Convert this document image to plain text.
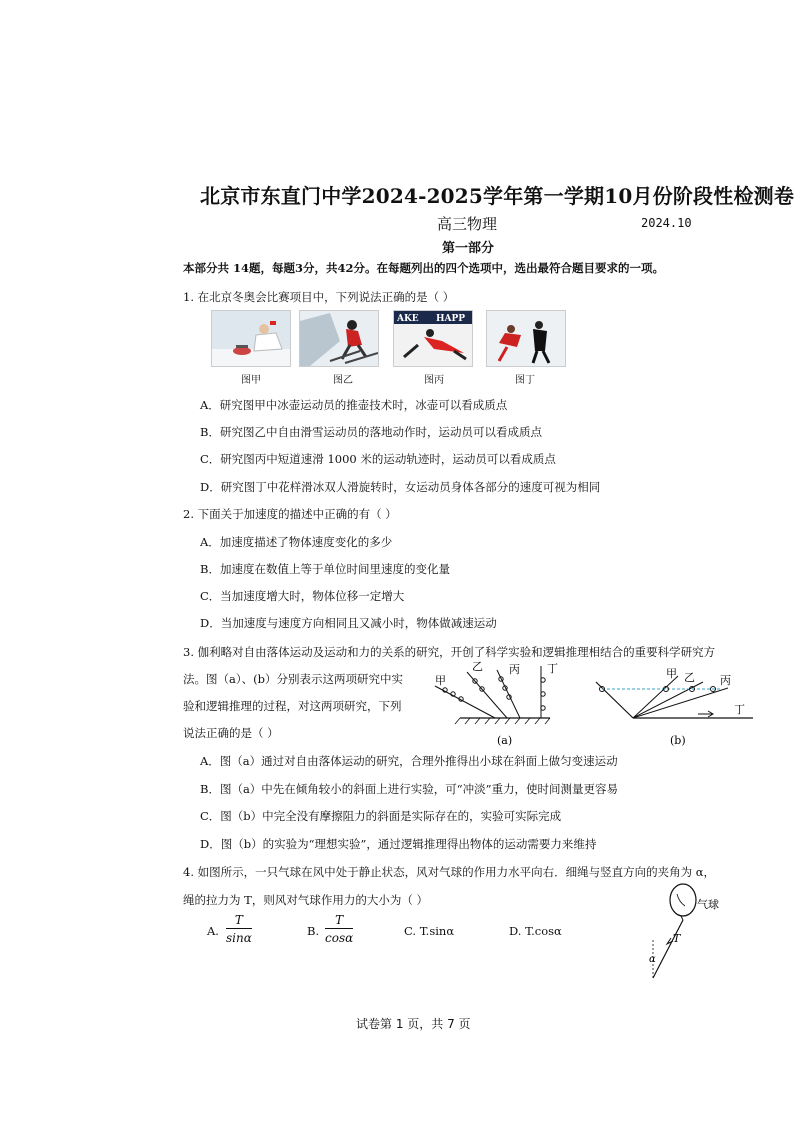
北京市东直门中学2024-2025学年第一学期10月份阶段性检测卷
高三物理	2024.10
第一部分
本部分共 14题，每题3分，共42分。在每题列出的四个选项中，选出最符合题目要求的一项。
1. 在北京冬奥会比赛项目中，下列说法正确的是（ ）
AKE HAPP
图甲	图乙	图丙	图丁
A．研究图甲中冰壶运动员的推壶技术时，冰壶可以看成质点
B．研究图乙中自由滑雪运动员的落地动作时，运动员可以看成质点
C．研究图丙中短道速滑 1000 米的运动轨迹时，运动员可以看成质点
D．研究图丁中花样滑冰双人滑旋转时，女运动员身体各部分的速度可视为相同
2. 下面关于加速度的描述中正确的有（ ）
A．加速度描述了物体速度变化的多少
B．加速度在数值上等于单位时间里速度的变化量
C．当加速度增大时，物体位移一定增大
D．当加速度与速度方向相同且又减小时，物体做减速运动
3. 伽利略对自由落体运动及运动和力的关系的研究，开创了科学实验和逻辑推理相结合的重要科学研究方
法。图（a）、(b）分别表示这两项研究中实
验和逻辑推理的过程，对这两项研究，下列
说法正确的是（ ）
甲
乙 丙 丁
(a)
甲 乙 丙
丁
(b)
A．图（a）通过对自由落体运动的研究，合理外推得出小球在斜面上做匀变速运动
B．图（a）中先在倾角较小的斜面上进行实验，可“冲淡”重力，使时间测量更容易
C．图（b）中完全没有摩擦阻力的斜面是实际存在的，实验可实际完成
D．图（b）的实验为“理想实验”，通过逻辑推理得出物体的运动需要力来维持
4. 如图所示，一只气球在风中处于静止状态，风对气球的作用力水平向右．细绳与竖直方向的夹角为 α，
绳的拉力为 T，则风对气球作用力的大小为（ ）
A. $\frac{T}{\sin\alpha}$	B. $\frac{T}{\cos\alpha}$	C. T.sinα	D. T.cosα
气球
T
α
试卷第 1 页，共 7 页
